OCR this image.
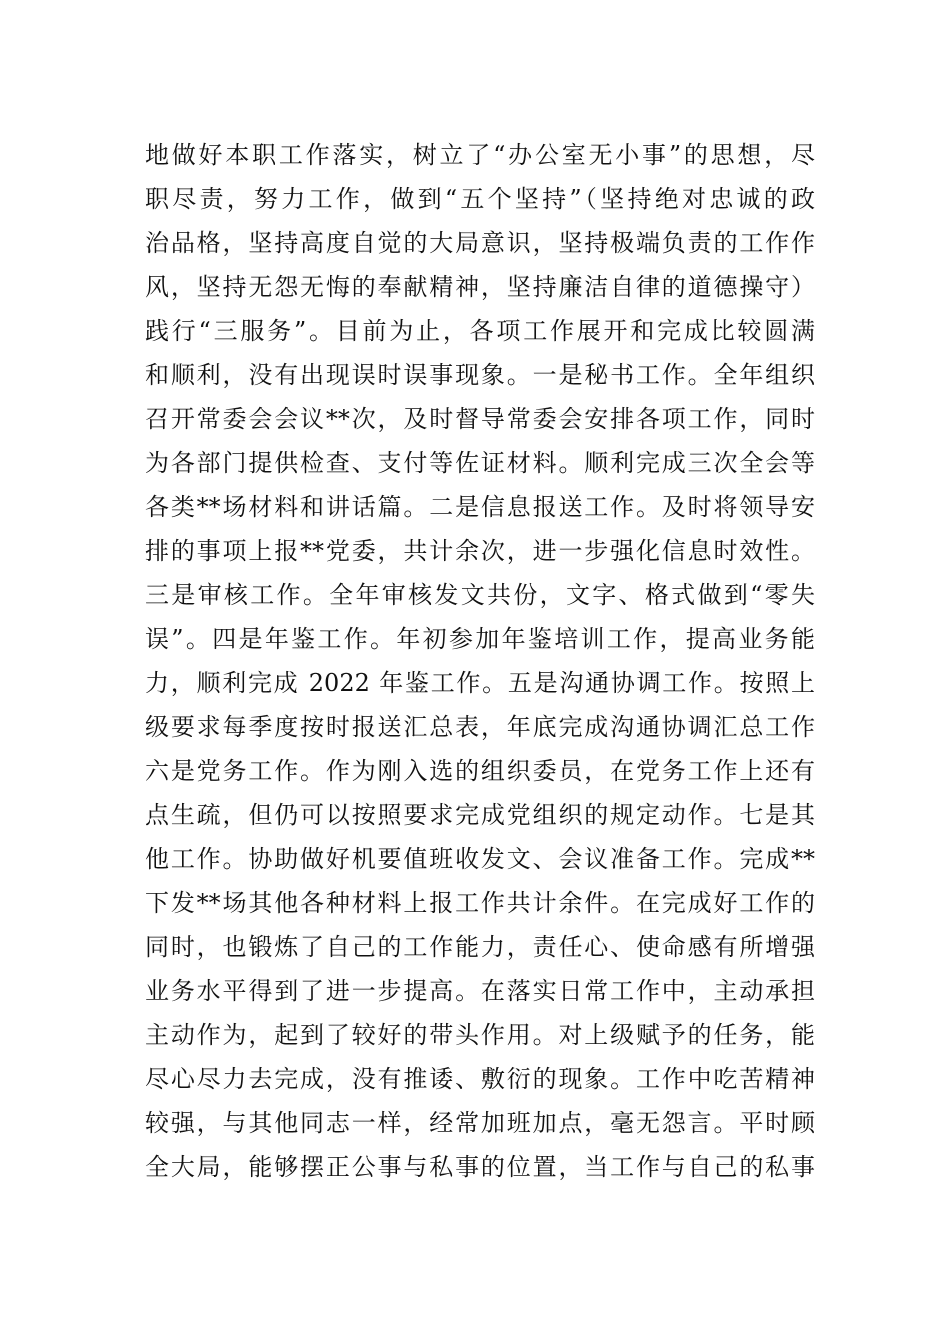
地做好本职工作落实，树立了“办公室无小事”的思想，尽
职尽责，努力工作，做到“五个坚持”（坚持绝对忠诚的政
治品格，坚持高度自觉的大局意识，坚持极端负责的工作作
风，坚持无怨无悔的奉献精神，坚持廉洁自律的道德操守）
践行“三服务”。目前为止，各项工作展开和完成比较圆满
和顺利，没有出现误时误事现象。一是秘书工作。全年组织
召开常委会会议**次，及时督导常委会安排各项工作，同时
为各部门提供检查、支付等佐证材料。顺利完成三次全会等
各类**场材料和讲话篇。二是信息报送工作。及时将领导安
排的事项上报**党委，共计余次，进一步强化信息时效性。
三是审核工作。全年审核发文共份，文字、格式做到“零失
误”。四是年鉴工作。年初参加年鉴培训工作，提高业务能
力，顺利完成 2022 年鉴工作。五是沟通协调工作。按照上
级要求每季度按时报送汇总表，年底完成沟通协调汇总工作
六是党务工作。作为刚入选的组织委员，在党务工作上还有
点生疏，但仍可以按照要求完成党组织的规定动作。七是其
他工作。协助做好机要值班收发文、会议准备工作。完成**
下发**场其他各种材料上报工作共计余件。在完成好工作的
同时，也锻炼了自己的工作能力，责任心、使命感有所增强
业务水平得到了进一步提高。在落实日常工作中，主动承担
主动作为，起到了较好的带头作用。对上级赋予的任务，能
尽心尽力去完成，没有推诿、敷衍的现象。工作中吃苦精神
较强，与其他同志一样，经常加班加点，毫无怨言。平时顾
全大局，能够摆正公事与私事的位置，当工作与自己的私事
